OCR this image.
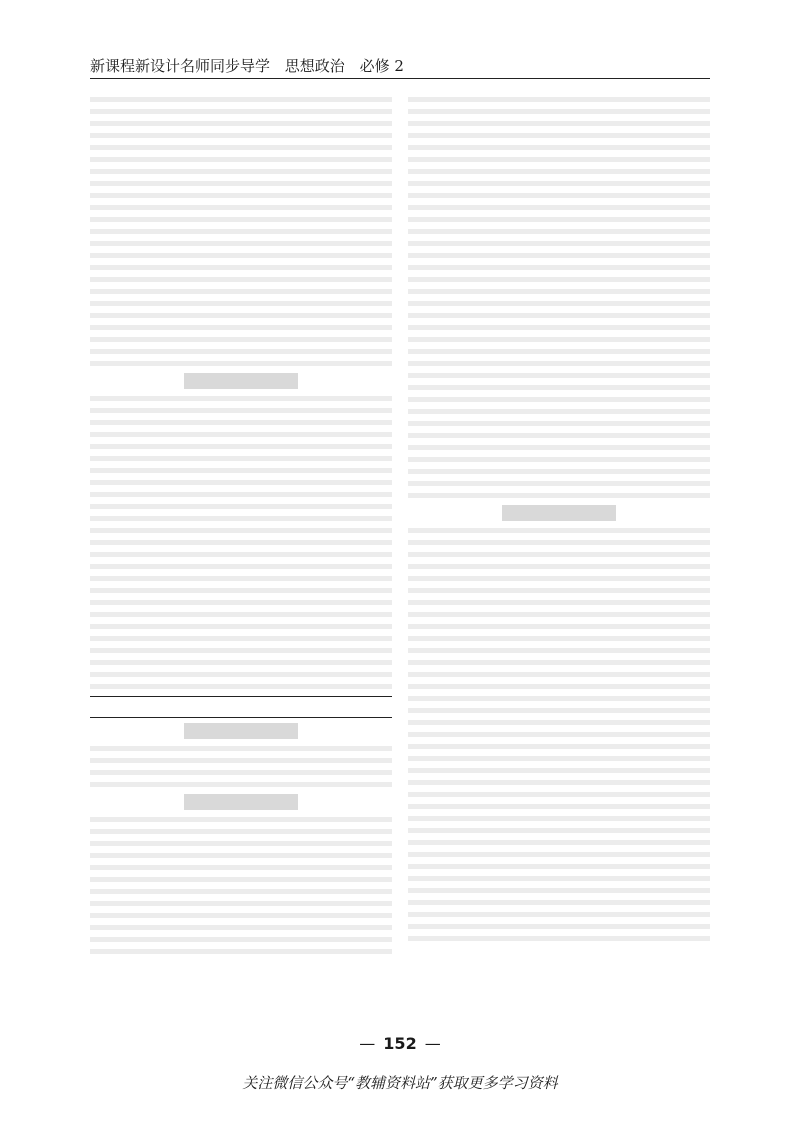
新课程新设计名师同步导学 思想政治 必修 2

— 152 —
关注微信公众号“教辅资料站”获取更多学习资料
